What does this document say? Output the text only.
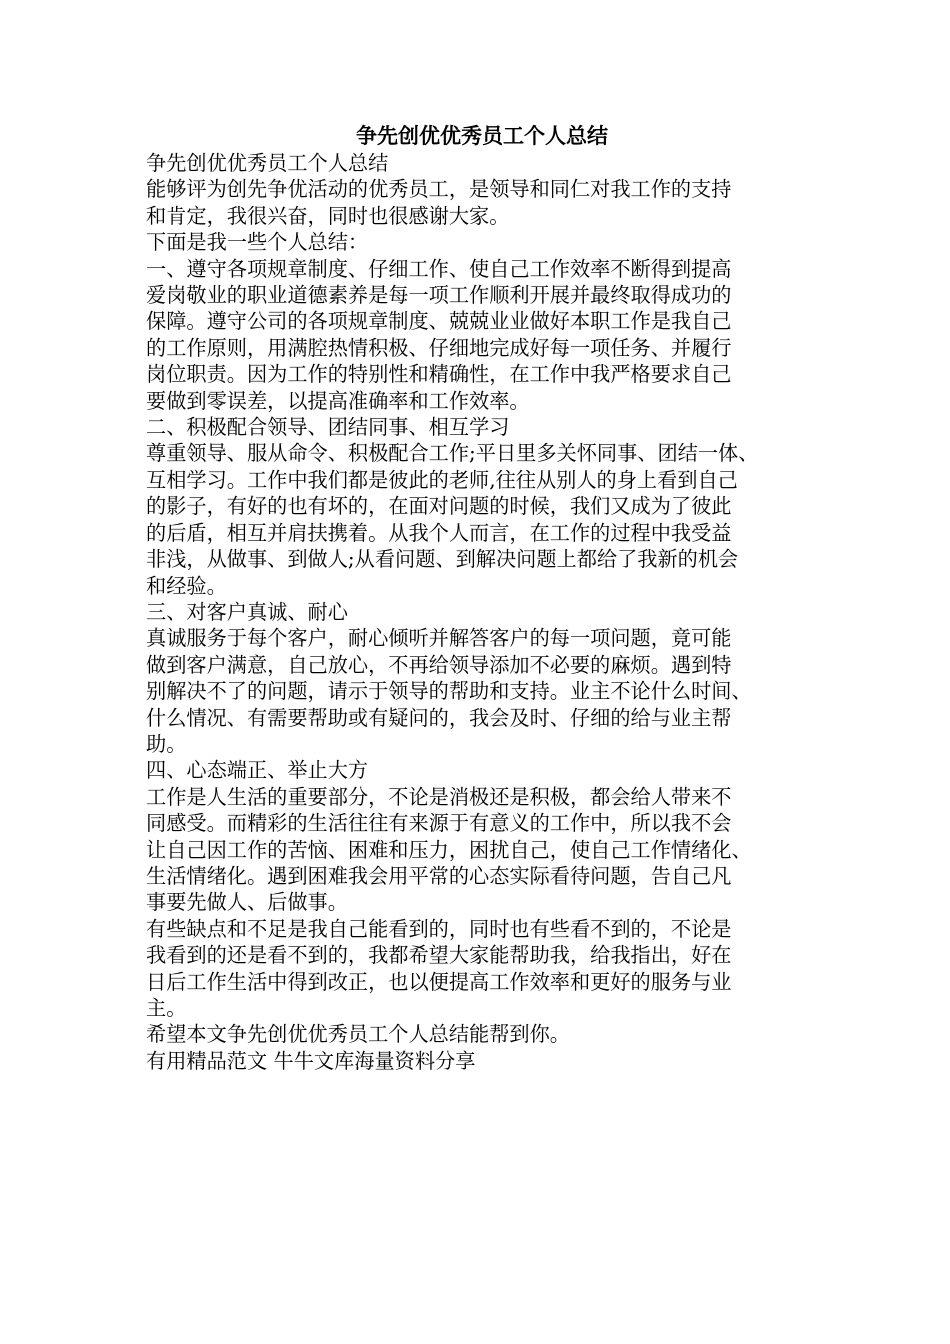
争先创优优秀员工个人总结
争先创优优秀员工个人总结
能够评为创先争优活动的优秀员工，是领导和同仁对我工作的支持
和肯定，我很兴奋，同时也很感谢大家。
下面是我一些个人总结：
一、遵守各项规章制度、仔细工作、使自己工作效率不断得到提高
爱岗敬业的职业道德素养是每一项工作顺利开展并最终取得成功的
保障。遵守公司的各项规章制度、兢兢业业做好本职工作是我自己
的工作原则，用满腔热情积极、仔细地完成好每一项任务、并履行
岗位职责。因为工作的特别性和精确性，在工作中我严格要求自己
要做到零误差，以提高准确率和工作效率。
二、积极配合领导、团结同事、相互学习
尊重领导、服从命令、积极配合工作;平日里多关怀同事、团结一体、
互相学习。工作中我们都是彼此的老师,往往从别人的身上看到自己
的影子，有好的也有坏的，在面对问题的时候，我们又成为了彼此
的后盾，相互并肩扶携着。从我个人而言，在工作的过程中我受益
非浅，从做事、到做人;从看问题、到解决问题上都给了我新的机会
和经验。
三、对客户真诚、耐心
真诚服务于每个客户，耐心倾听并解答客户的每一项问题，竟可能
做到客户满意，自己放心，不再给领导添加不必要的麻烦。遇到特
别解决不了的问题，请示于领导的帮助和支持。业主不论什么时间、
什么情况、有需要帮助或有疑问的，我会及时、仔细的给与业主帮
助。
四、心态端正、举止大方
工作是人生活的重要部分，不论是消极还是积极，都会给人带来不
同感受。而精彩的生活往往有来源于有意义的工作中，所以我不会
让自己因工作的苦恼、困难和压力，困扰自己，使自己工作情绪化、
生活情绪化。遇到困难我会用平常的心态实际看待问题，告自己凡
事要先做人、后做事。
有些缺点和不足是我自己能看到的，同时也有些看不到的，不论是
我看到的还是看不到的，我都希望大家能帮助我，给我指出，好在
日后工作生活中得到改正，也以便提高工作效率和更好的服务与业
主。
希望本文争先创优优秀员工个人总结能帮到你。
有用精品范文 牛牛文库海量资料分享
